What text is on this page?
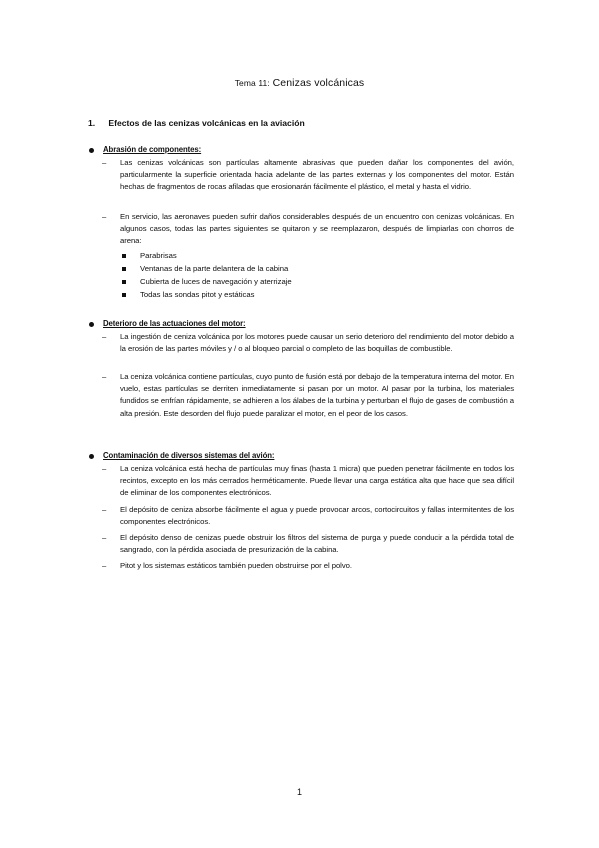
Tema 11: Cenizas volcánicas
1. Efectos de las cenizas volcánicas en la aviación
Abrasión de componentes:
– Las cenizas volcánicas son partículas altamente abrasivas que pueden dañar los componentes del avión, particularmente la superficie orientada hacia adelante de las partes externas y los componentes del motor. Están hechas de fragmentos de rocas afiladas que erosionarán fácilmente el plástico, el metal y hasta el vidrio.
– En servicio, las aeronaves pueden sufrir daños considerables después de un encuentro con cenizas volcánicas. En algunos casos, todas las partes siguientes se quitaron y se reemplazaron, después de limpiarlas con chorros de arena:
Parabrisas
Ventanas de la parte delantera de la cabina
Cubierta de luces de navegación y aterrizaje
Todas las sondas pitot y estáticas
Deterioro de las actuaciones del motor:
– La ingestión de ceniza volcánica por los motores puede causar un serio deterioro del rendimiento del motor debido a la erosión de las partes móviles y / o al bloqueo parcial o completo de las boquillas de combustible.
– La ceniza volcánica contiene partículas, cuyo punto de fusión está por debajo de la temperatura interna del motor. En vuelo, estas partículas se derriten inmediatamente si pasan por un motor. Al pasar por la turbina, los materiales fundidos se enfrían rápidamente, se adhieren a los álabes de la turbina y perturban el flujo de gases de combustión a alta presión. Este desorden del flujo puede paralizar el motor, en el peor de los casos.
Contaminación de diversos sistemas del avión:
– La ceniza volcánica está hecha de partículas muy finas (hasta 1 micra) que pueden penetrar fácilmente en todos los recintos, excepto en los más cerrados herméticamente. Puede llevar una carga estática alta que hace que sea difícil de eliminar de los componentes electrónicos.
– El depósito de ceniza absorbe fácilmente el agua y puede provocar arcos, cortocircuitos y fallas intermitentes de los componentes electrónicos.
– El depósito denso de cenizas puede obstruir los filtros del sistema de purga y puede conducir a la pérdida total de sangrado, con la pérdida asociada de presurización de la cabina.
– Pitot y los sistemas estáticos también pueden obstruirse por el polvo.
1
